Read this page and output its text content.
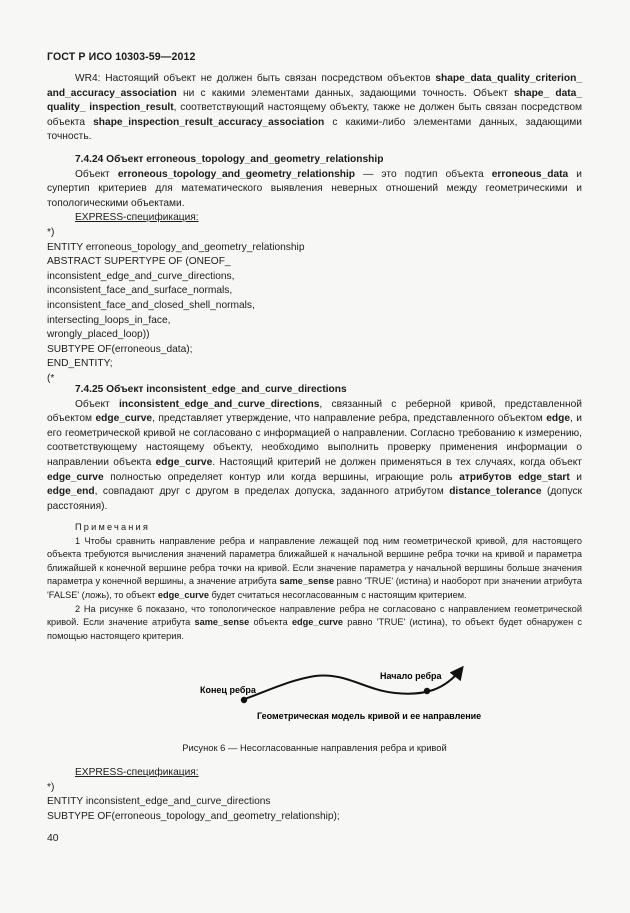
ГОСТ Р ИСО 10303-59—2012

WR4: Настоящий объект не должен быть связан посредством объектов shape_data_quality_criterion_ and_accuracy_association ни с какими элементами данных, задающими точность. Объект shape_ data_ quality_ inspection_result, соответствующий настоящему объекту, также не должен быть связан посредством объекта shape_inspection_result_accuracy_association с какими-либо элементами данных, задающими точность.

7.4.24 Объект erroneous_topology_and_geometry_relationship

Объект erroneous_topology_and_geometry_relationship — это подтип объекта erroneous_data и супертип критериев для математического выявления неверных отношений между геометрическими и топологическими объектами.

EXPRESS-спецификация:

*)

ENTITY erroneous_topology_and_geometry_relationship

ABSTRACT SUPERTYPE OF (ONEOF_

inconsistent_edge_and_curve_directions,

inconsistent_face_and_surface_normals,

inconsistent_face_and_closed_shell_normals,

intersecting_loops_in_face,

wrongly_placed_loop))

SUBTYPE OF(erroneous_data);

END_ENTITY;

(*

7.4.25 Объект inconsistent_edge_and_curve_directions

Объект inconsistent_edge_and_curve_directions, связанный с реберной кривой, представленной объектом edge_curve, представляет утверждение, что направление ребра, представленного объектом edge, и его геометрической кривой не согласовано с информацией о направлении. Согласно требованию к измерению, соответствующему настоящему объекту, необходимо выполнить проверку применения информации о направлении объекта edge_curve. Настоящий критерий не должен применяться в тех случаях, когда объект edge_curve полностью определяет контур или когда вершины, играющие роль атрибутов edge_start и edge_end, совпадают друг с другом в пределах допуска, заданного атрибутом distance_tolerance (допуск расстояния).

Примечания

1 Чтобы сравнить направление ребра и направление лежащей под ним геометрической кривой, для настоящего объекта требуются вычисления значений параметра ближайшей к начальной вершине ребра точки на кривой и параметра ближайшей к конечной вершине ребра точки на кривой. Если значение параметра у начальной вершины больше значения параметра у конечной вершины, а значение атрибута same_sense равно 'TRUE' (истина) и наоборот при значении атрибута 'FALSE' (ложь), то объект edge_curve будет считаться несогласованным с настоящим критерием.

2 На рисунке 6 показано, что топологическое направление ребра не согласовано с направлением геометрической кривой. Если значение атрибута same_sense объекта edge_curve равно 'TRUE' (истина), то объект будет обнаружен с помощью настоящего критерия.

Конец ребра
Начало ребра
Геометрическая модель кривой и ее направление
Рисунок 6 — Несогласованные направления ребра и кривой

EXPRESS-спецификация:

*)

ENTITY inconsistent_edge_and_curve_directions

SUBTYPE OF(erroneous_topology_and_geometry_relationship);

40
